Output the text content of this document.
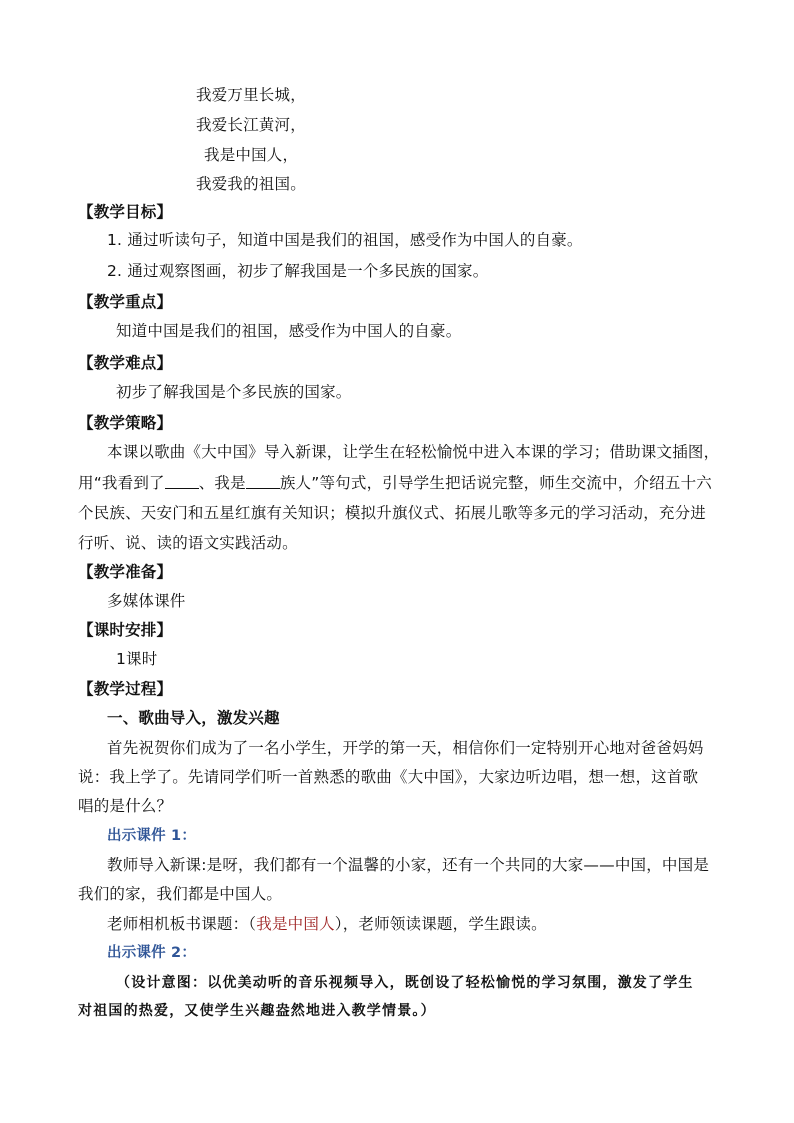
我爱万里长城，
我爱长江黄河，
我是中国人，
我爱我的祖国。
【教学目标】
1. 通过听读句子，知道中国是我们的祖国，感受作为中国人的自豪。
2. 通过观察图画，初步了解我国是一个多民族的国家。
【教学重点】
知道中国是我们的祖国，感受作为中国人的自豪。
【教学难点】
初步了解我国是个多民族的国家。
【教学策略】
本课以歌曲《大中国》导入新课，让学生在轻松愉悦中进入本课的学习；借助课文插图，
用“我看到了 、我是 族人”等句式，引导学生把话说完整，师生交流中，介绍五十六
个民族、天安门和五星红旗有关知识；模拟升旗仪式、拓展儿歌等多元的学习活动，充分进
行听、说、读的语文实践活动。
【教学准备】
多媒体课件
【课时安排】
1课时
【教学过程】
一、歌曲导入，激发兴趣
首先祝贺你们成为了一名小学生，开学的第一天，相信你们一定特别开心地对爸爸妈妈
说：我上学了。先请同学们听一首熟悉的歌曲《大中国》，大家边听边唱，想一想，这首歌
唱的是什么？
出示课件 1：
教师导入新课:是呀，我们都有一个温馨的小家，还有一个共同的大家——中国，中国是
我们的家，我们都是中国人。
老师相机板书课题：（我是中国人），老师领读课题，学生跟读。
出示课件 2：
（设计意图：以优美动听的音乐视频导入，既创设了轻松愉悦的学习氛围，激发了学生
对祖国的热爱，又使学生兴趣盎然地进入教学情景。）
